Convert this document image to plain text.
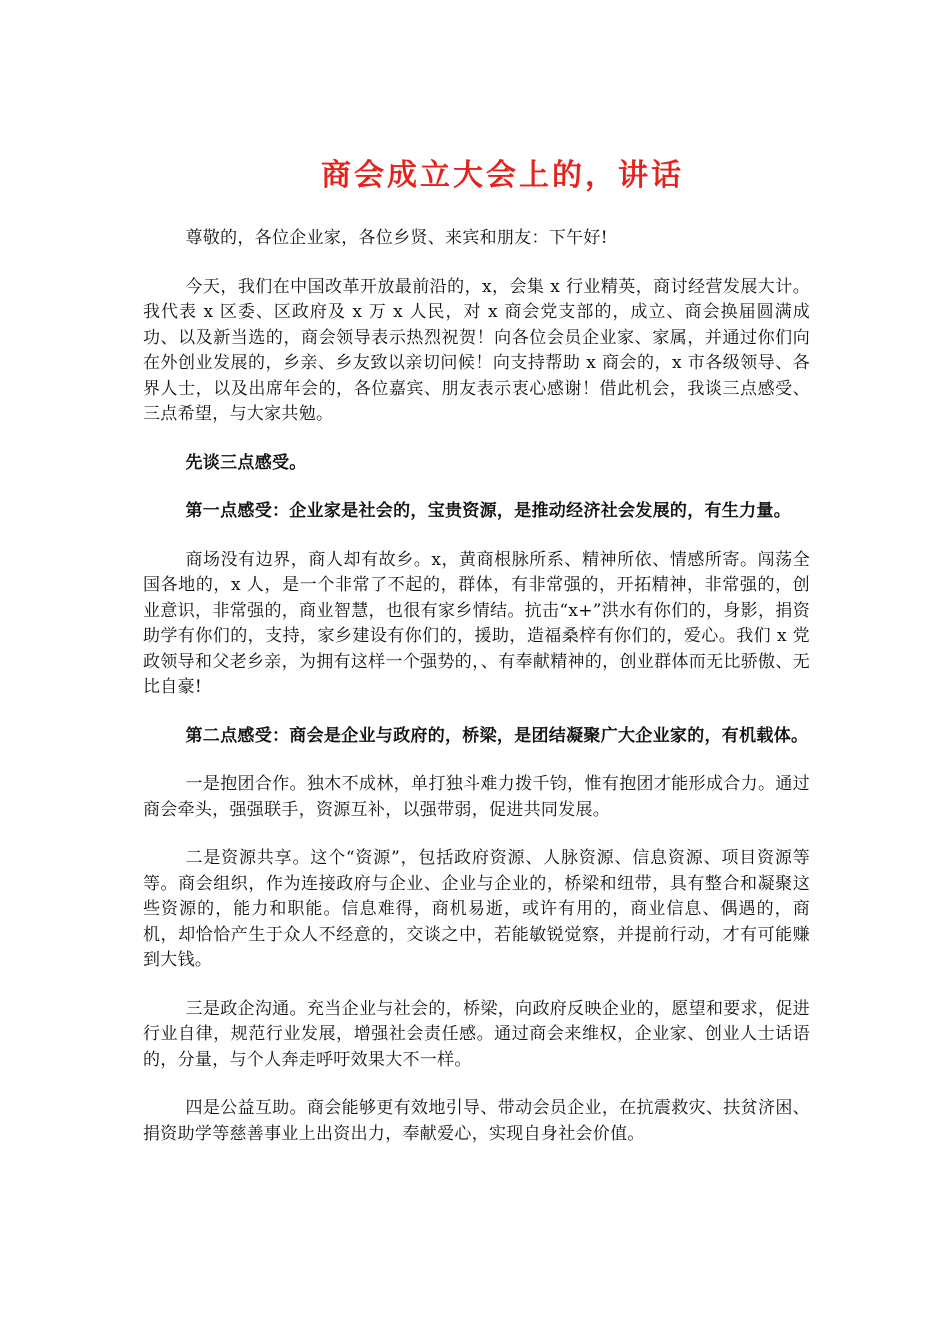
商会成立大会上的，讲话

尊敬的，各位企业家，各位乡贤、来宾和朋友：下午好!

今天，我们在中国改革开放最前沿的，x，会集 x 行业精英，商讨经营发展大计。我代表 x 区委、区政府及 x 万 x 人民，对 x 商会党支部的，成立、商会换届圆满成功、以及新当选的，商会领导表示热烈祝贺！向各位会员企业家、家属，并通过你们向在外创业发展的，乡亲、乡友致以亲切问候！向支持帮助 x 商会的，x 市各级领导、各界人士，以及出席年会的，各位嘉宾、朋友表示衷心感谢！借此机会，我谈三点感受、三点希望，与大家共勉。

先谈三点感受。

第一点感受：企业家是社会的，宝贵资源，是推动经济社会发展的，有生力量。

商场没有边界，商人却有故乡。x，黄商根脉所系、精神所依、情感所寄。闯荡全国各地的，x 人，是一个非常了不起的，群体，有非常强的，开拓精神，非常强的，创业意识，非常强的，商业智慧，也很有家乡情结。抗击“x+”洪水有你们的，身影，捐资助学有你们的，支持，家乡建设有你们的，援助，造福桑梓有你们的，爱心。我们 x 党政领导和父老乡亲，为拥有这样一个强势的，、有奉献精神的，创业群体而无比骄傲、无比自豪!

第二点感受：商会是企业与政府的，桥梁，是团结凝聚广大企业家的，有机载体。

一是抱团合作。独木不成林，单打独斗难力拨千钧，惟有抱团才能形成合力。通过商会牵头，强强联手，资源互补，以强带弱，促进共同发展。

二是资源共享。这个“资源”，包括政府资源、人脉资源、信息资源、项目资源等等。商会组织，作为连接政府与企业、企业与企业的，桥梁和纽带，具有整合和凝聚这些资源的，能力和职能。信息难得，商机易逝，或许有用的，商业信息、偶遇的，商机，却恰恰产生于众人不经意的，交谈之中，若能敏锐觉察，并提前行动，才有可能赚到大钱。

三是政企沟通。充当企业与社会的，桥梁，向政府反映企业的，愿望和要求，促进行业自律，规范行业发展，增强社会责任感。通过商会来维权，企业家、创业人士话语的，分量，与个人奔走呼吁效果大不一样。

四是公益互助。商会能够更有效地引导、带动会员企业，在抗震救灾、扶贫济困、捐资助学等慈善事业上出资出力，奉献爱心，实现自身社会价值。
